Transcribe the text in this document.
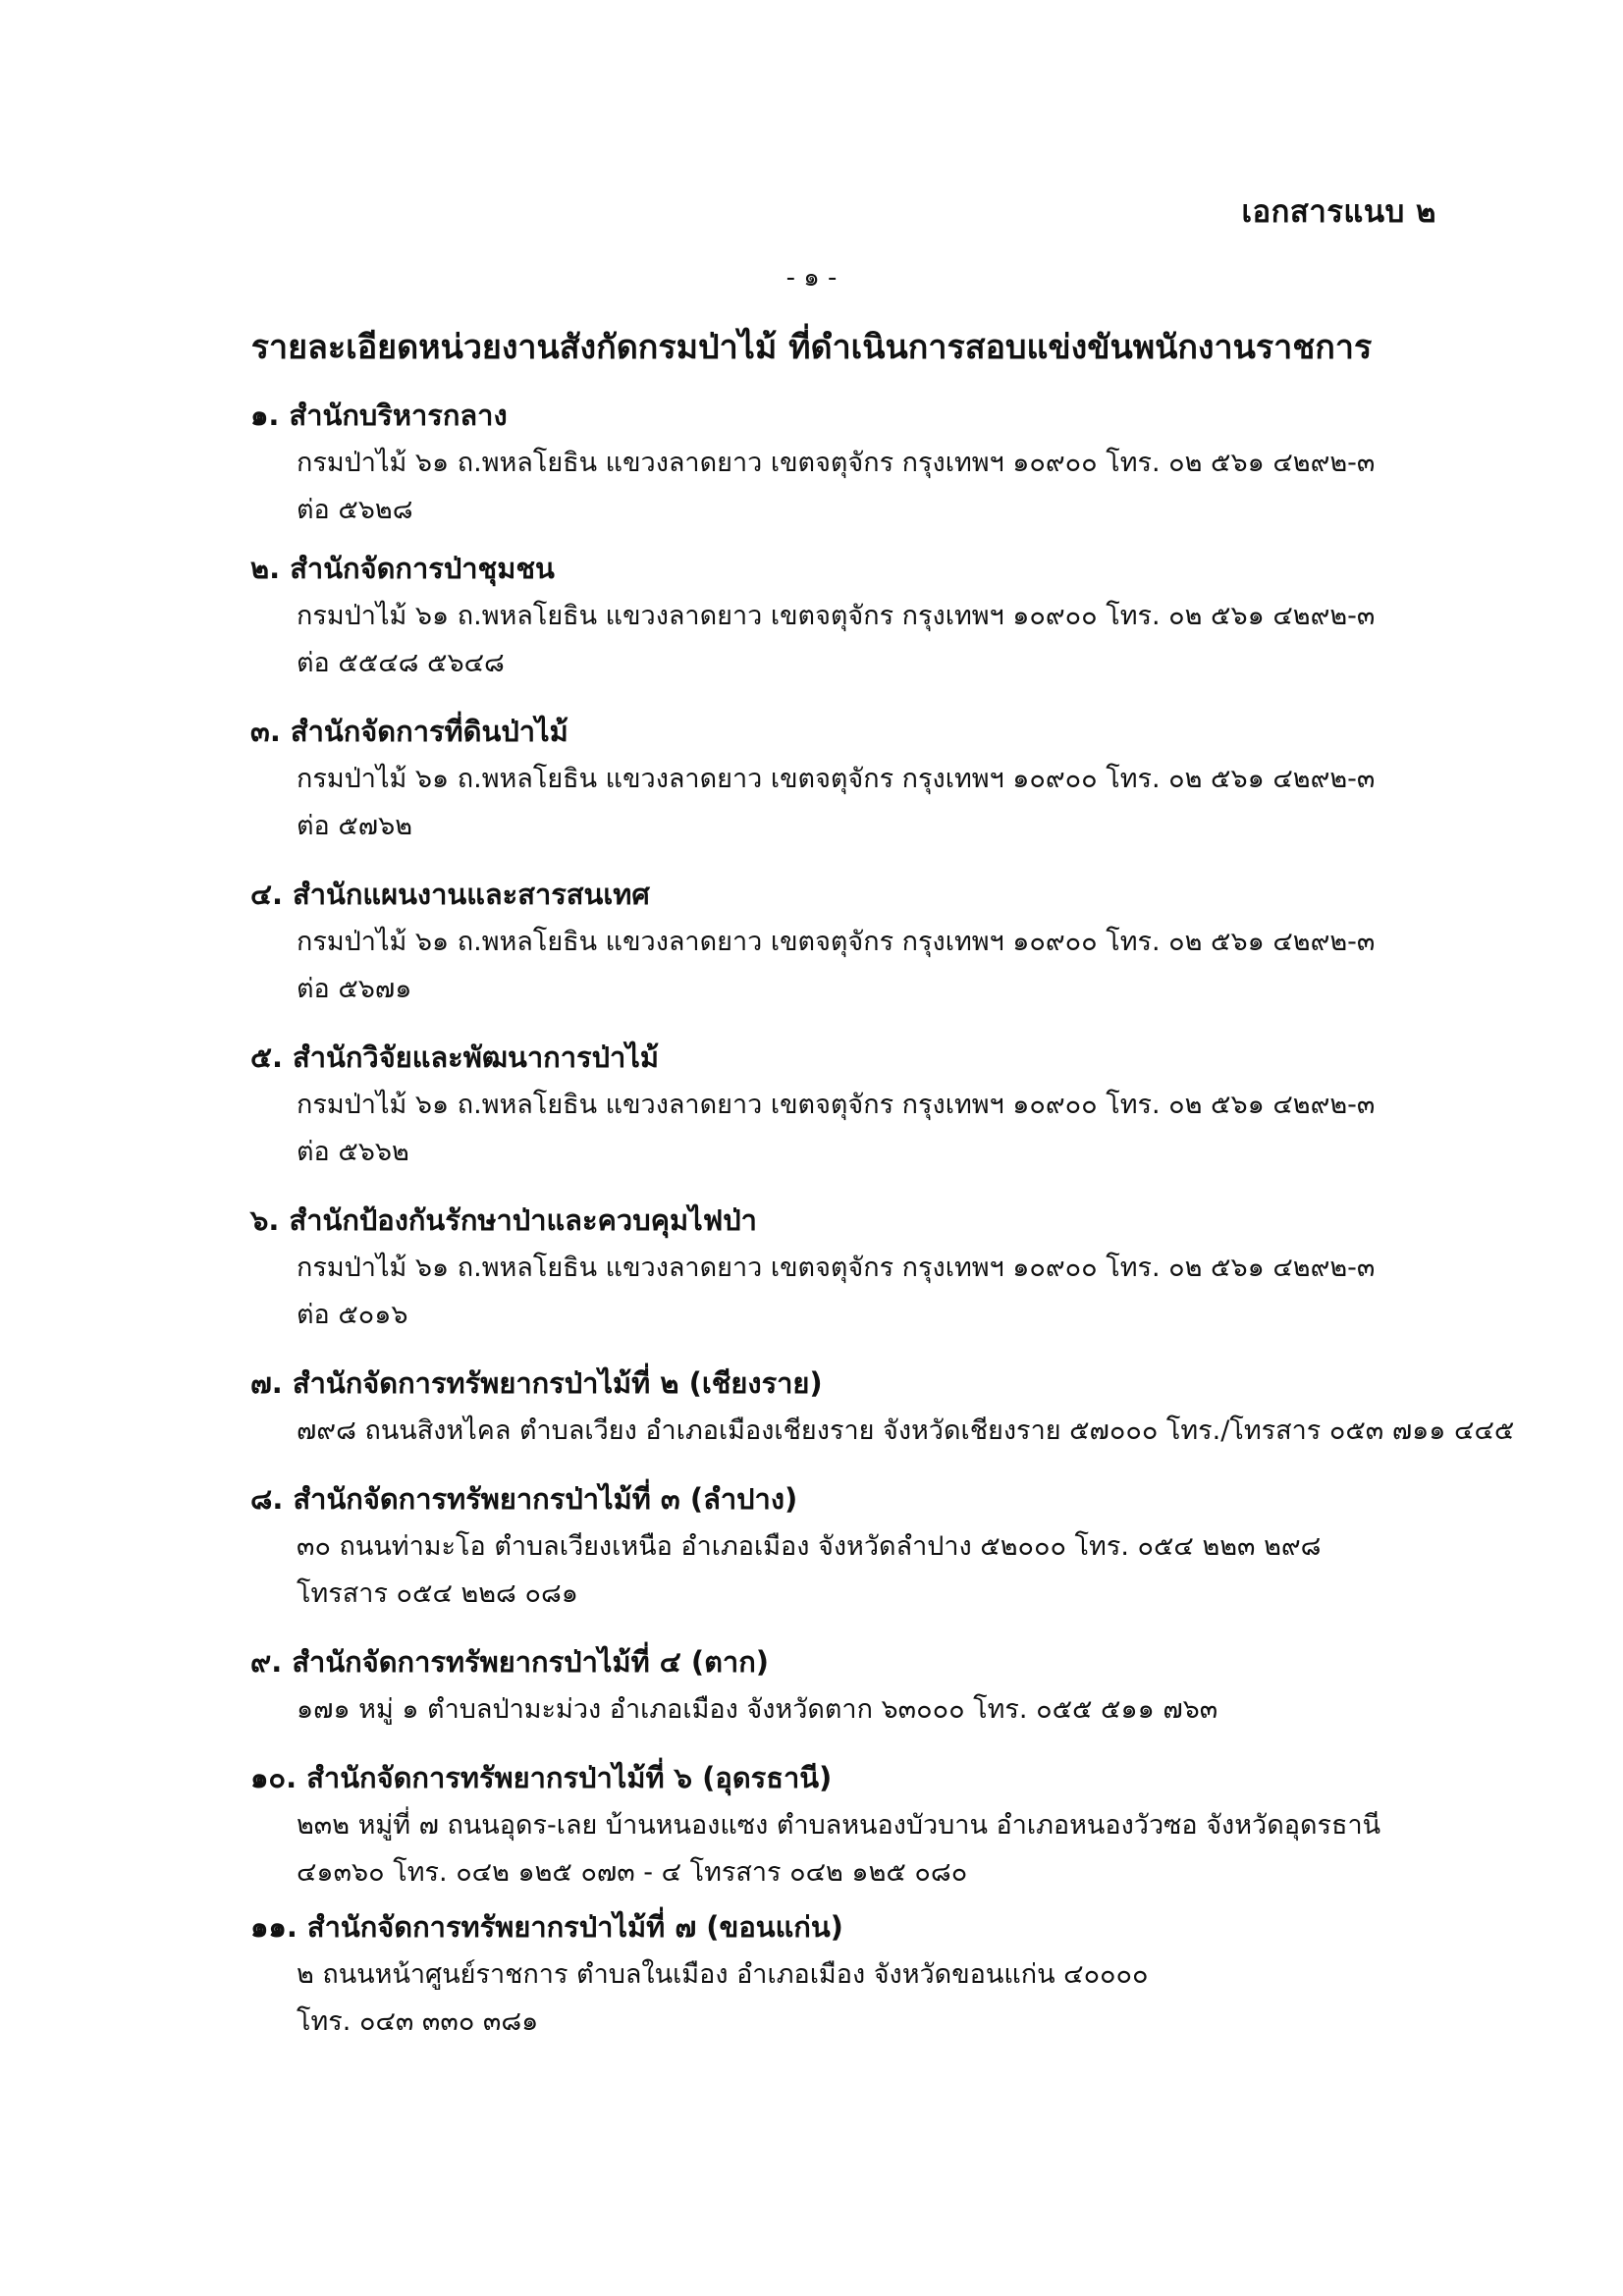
เอกสารแนบ ๒
- ๑ -
รายละเอียดหน่วยงานสังกัดกรมป่าไม้ ที่ดำเนินการสอบแข่งขันพนักงานราชการ
๑. สำนักบริหารกลาง
กรมป่าไม้ ๖๑ ถ.พหลโยธิน แขวงลาดยาว เขตจตุจักร กรุงเทพฯ ๑๐๙๐๐ โทร. ๐๒ ๕๖๑ ๔๒๙๒-๓
ต่อ ๕๖๒๘
๒. สำนักจัดการป่าชุมชน
กรมป่าไม้ ๖๑ ถ.พหลโยธิน แขวงลาดยาว เขตจตุจักร กรุงเทพฯ ๑๐๙๐๐ โทร. ๐๒ ๕๖๑ ๔๒๙๒-๓
ต่อ ๕๕๔๘ ๕๖๔๘
๓. สำนักจัดการที่ดินป่าไม้
กรมป่าไม้ ๖๑ ถ.พหลโยธิน แขวงลาดยาว เขตจตุจักร กรุงเทพฯ ๑๐๙๐๐ โทร. ๐๒ ๕๖๑ ๔๒๙๒-๓
ต่อ ๕๗๖๒
๔. สำนักแผนงานและสารสนเทศ
กรมป่าไม้ ๖๑ ถ.พหลโยธิน แขวงลาดยาว เขตจตุจักร กรุงเทพฯ ๑๐๙๐๐ โทร. ๐๒ ๕๖๑ ๔๒๙๒-๓
ต่อ ๕๖๗๑
๕. สำนักวิจัยและพัฒนาการป่าไม้
กรมป่าไม้ ๖๑ ถ.พหลโยธิน แขวงลาดยาว เขตจตุจักร กรุงเทพฯ ๑๐๙๐๐ โทร. ๐๒ ๕๖๑ ๔๒๙๒-๓
ต่อ ๕๖๖๒
๖. สำนักป้องกันรักษาป่าและควบคุมไฟป่า
กรมป่าไม้ ๖๑ ถ.พหลโยธิน แขวงลาดยาว เขตจตุจักร กรุงเทพฯ ๑๐๙๐๐ โทร. ๐๒ ๕๖๑ ๔๒๙๒-๓
ต่อ ๕๐๑๖
๗. สำนักจัดการทรัพยากรป่าไม้ที่ ๒ (เชียงราย)
๗๙๘ ถนนสิงหไคล ตำบลเวียง อำเภอเมืองเชียงราย จังหวัดเชียงราย ๕๗๐๐๐ โทร./โทรสาร ๐๕๓ ๗๑๑ ๔๔๕
๘. สำนักจัดการทรัพยากรป่าไม้ที่ ๓ (ลำปาง)
๓๐ ถนนท่ามะโอ ตำบลเวียงเหนือ อำเภอเมือง จังหวัดลำปาง ๕๒๐๐๐ โทร. ๐๕๔ ๒๒๓ ๒๙๘
โทรสาร ๐๕๔ ๒๒๘ ๐๘๑
๙. สำนักจัดการทรัพยากรป่าไม้ที่ ๔ (ตาก)
๑๗๑ หมู่ ๑ ตำบลป่ามะม่วง อำเภอเมือง จังหวัดตาก ๖๓๐๐๐ โทร. ๐๕๕ ๕๑๑ ๗๖๓
๑๐. สำนักจัดการทรัพยากรป่าไม้ที่ ๖ (อุดรธานี)
๒๓๒ หมู่ที่ ๗ ถนนอุดร-เลย บ้านหนองแซง ตำบลหนองบัวบาน อำเภอหนองวัวซอ จังหวัดอุดรธานี
๔๑๓๖๐ โทร. ๐๔๒ ๑๒๕ ๐๗๓ - ๔ โทรสาร ๐๔๒ ๑๒๕ ๐๘๐
๑๑. สำนักจัดการทรัพยากรป่าไม้ที่ ๗ (ขอนแก่น)
๒ ถนนหน้าศูนย์ราชการ ตำบลในเมือง อำเภอเมือง จังหวัดขอนแก่น ๔๐๐๐๐
โทร. ๐๔๓ ๓๓๐ ๓๘๑
